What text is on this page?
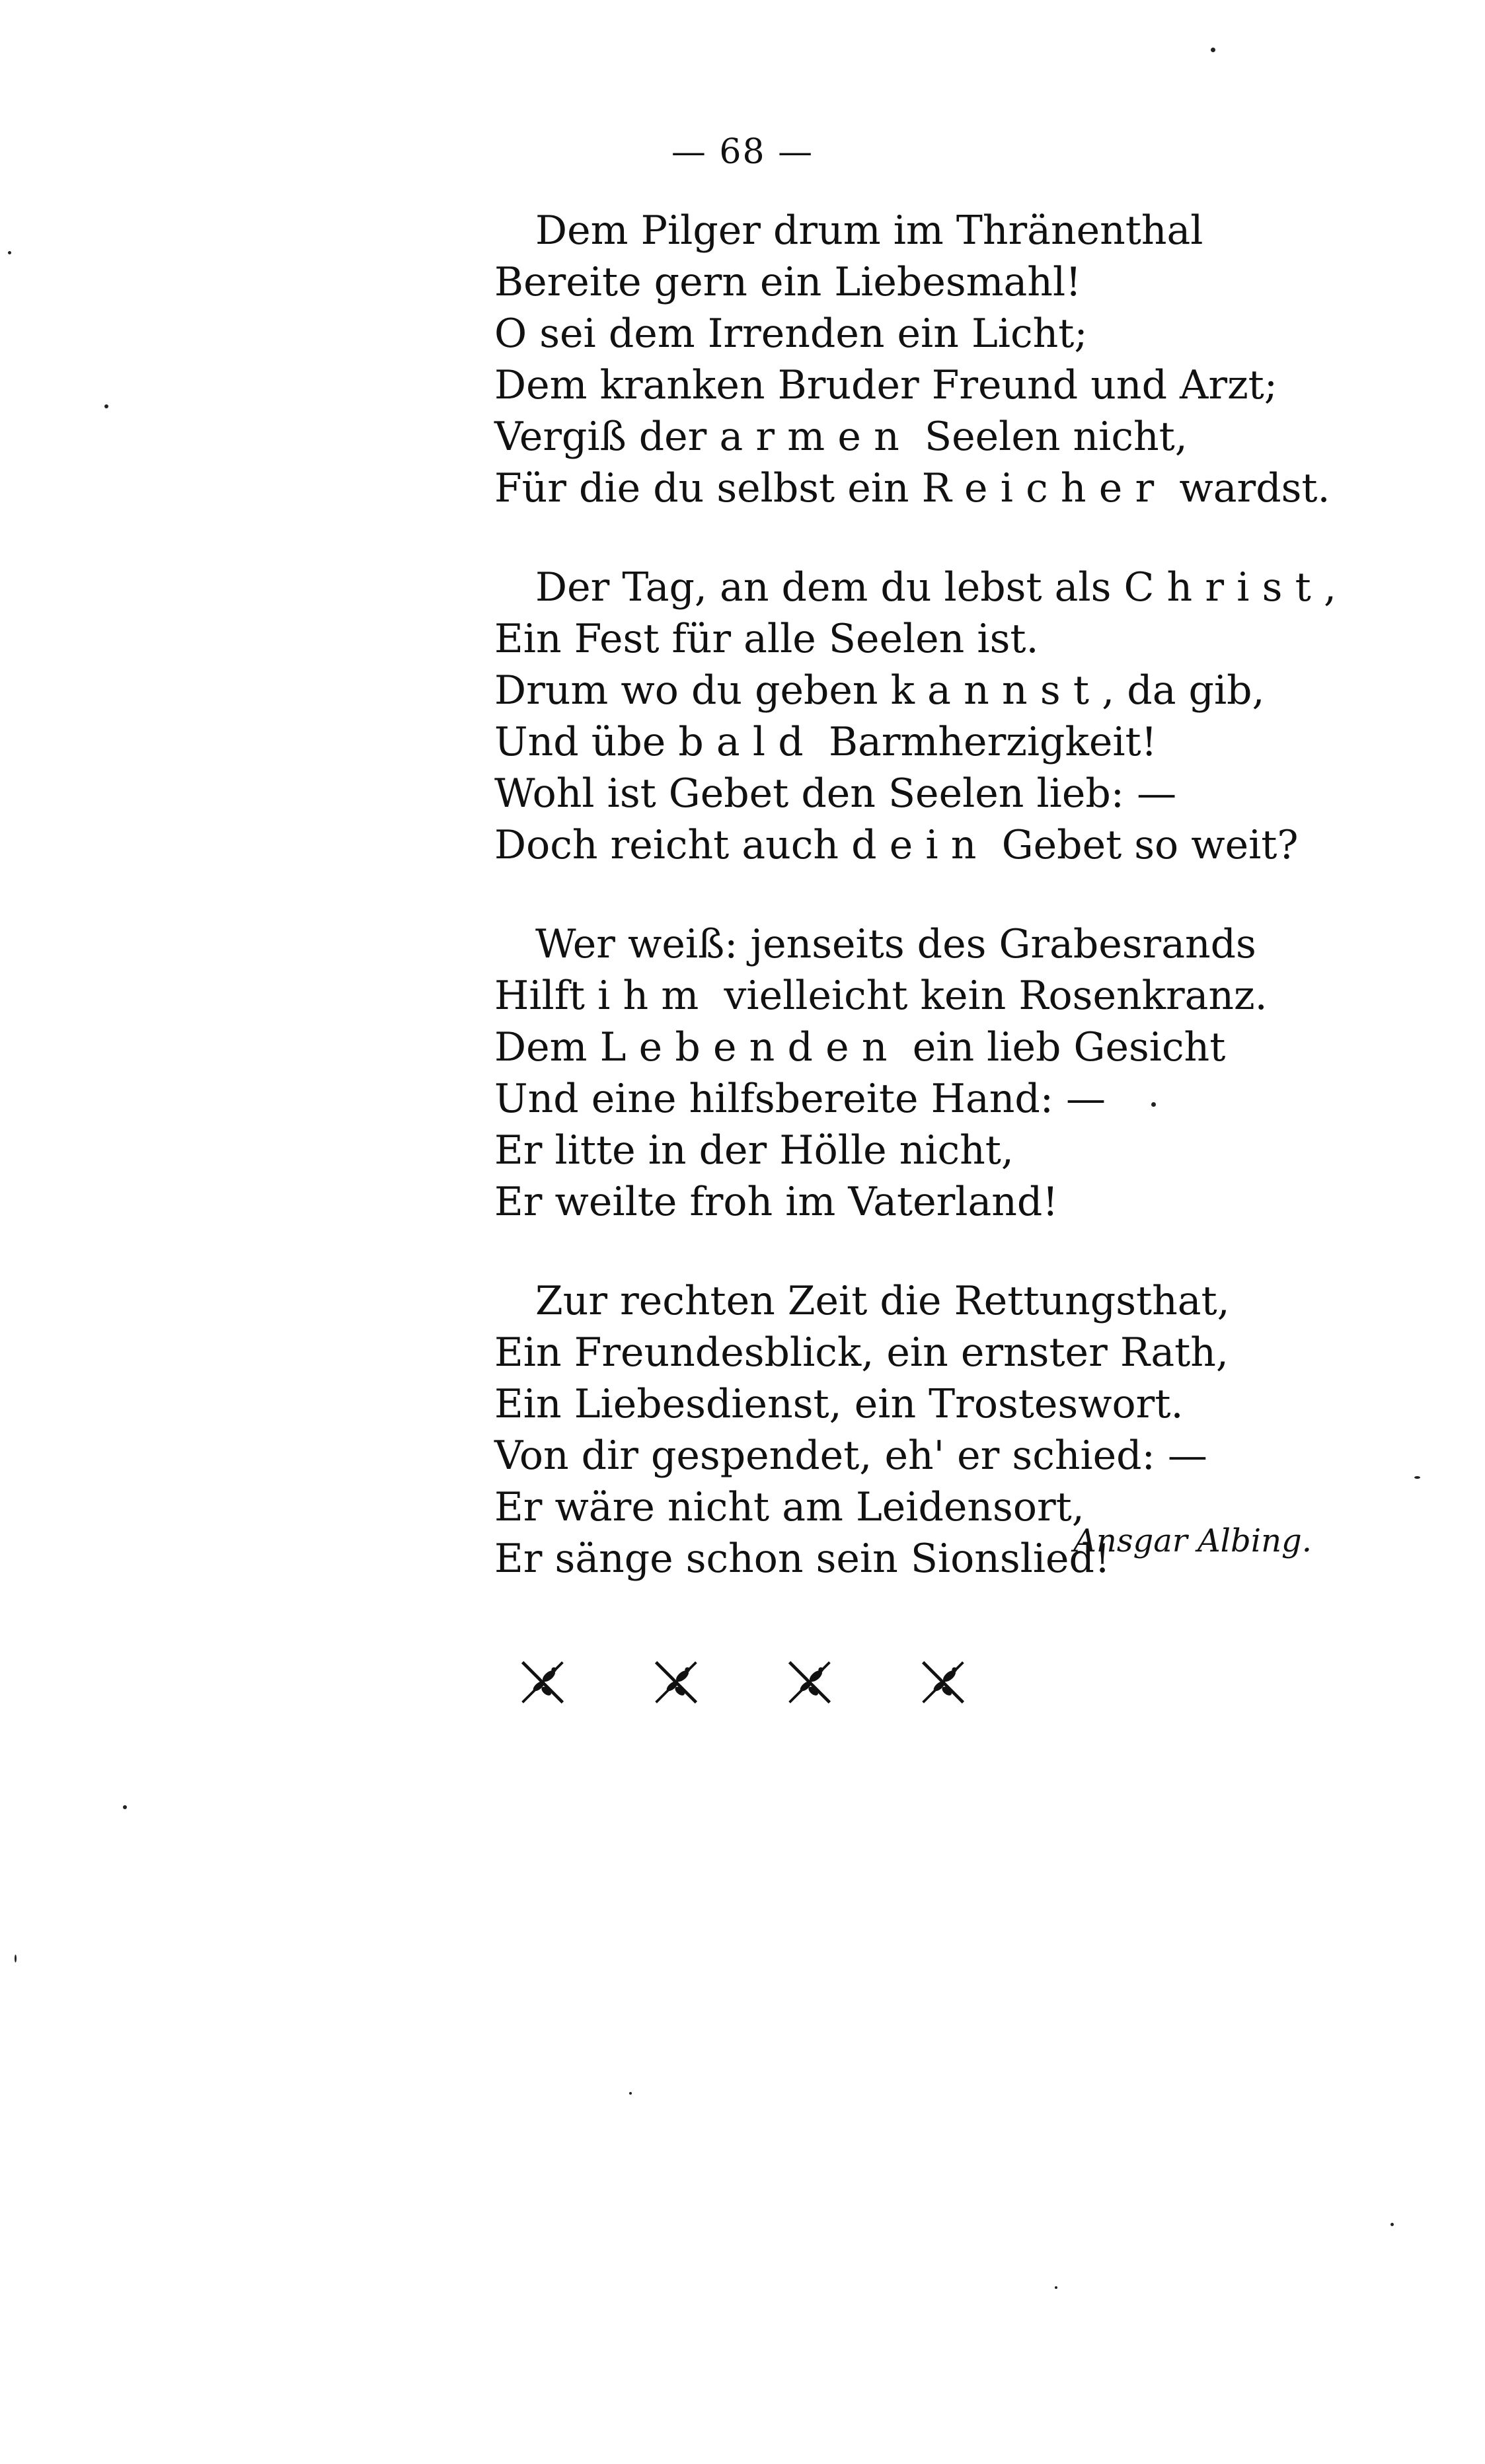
— 68 —
Dem Pilger drum im Thränenthal
Bereite gern ein Liebesmahl!
O sei dem Irrenden ein Licht;
Dem kranken Bruder Freund und Arzt;
Vergiß der armen Seelen nicht,
Für die du selbst ein Reicher wardst.
Der Tag, an dem du lebst als Christ,
Ein Fest für alle Seelen ist.
Drum wo du geben kannst, da gib,
Und übe bald Barmherzigkeit!
Wohl ist Gebet den Seelen lieb: —
Doch reicht auch dein Gebet so weit?
Wer weiß: jenseits des Grabesrands
Hilft ihm vielleicht kein Rosenkranz.
Dem Lebenden ein lieb Gesicht
Und eine hilfsbereite Hand: —
Er litte in der Hölle nicht,
Er weilte froh im Vaterland!
Zur rechten Zeit die Rettungsthat,
Ein Freundesblick, ein ernster Rath,
Ein Liebesdienst, ein Trosteswort.
Von dir gespendet, eh' er schied: —
Er wäre nicht am Leidensort,
Er sänge schon sein Sionslied!
Ansgar Albing.
